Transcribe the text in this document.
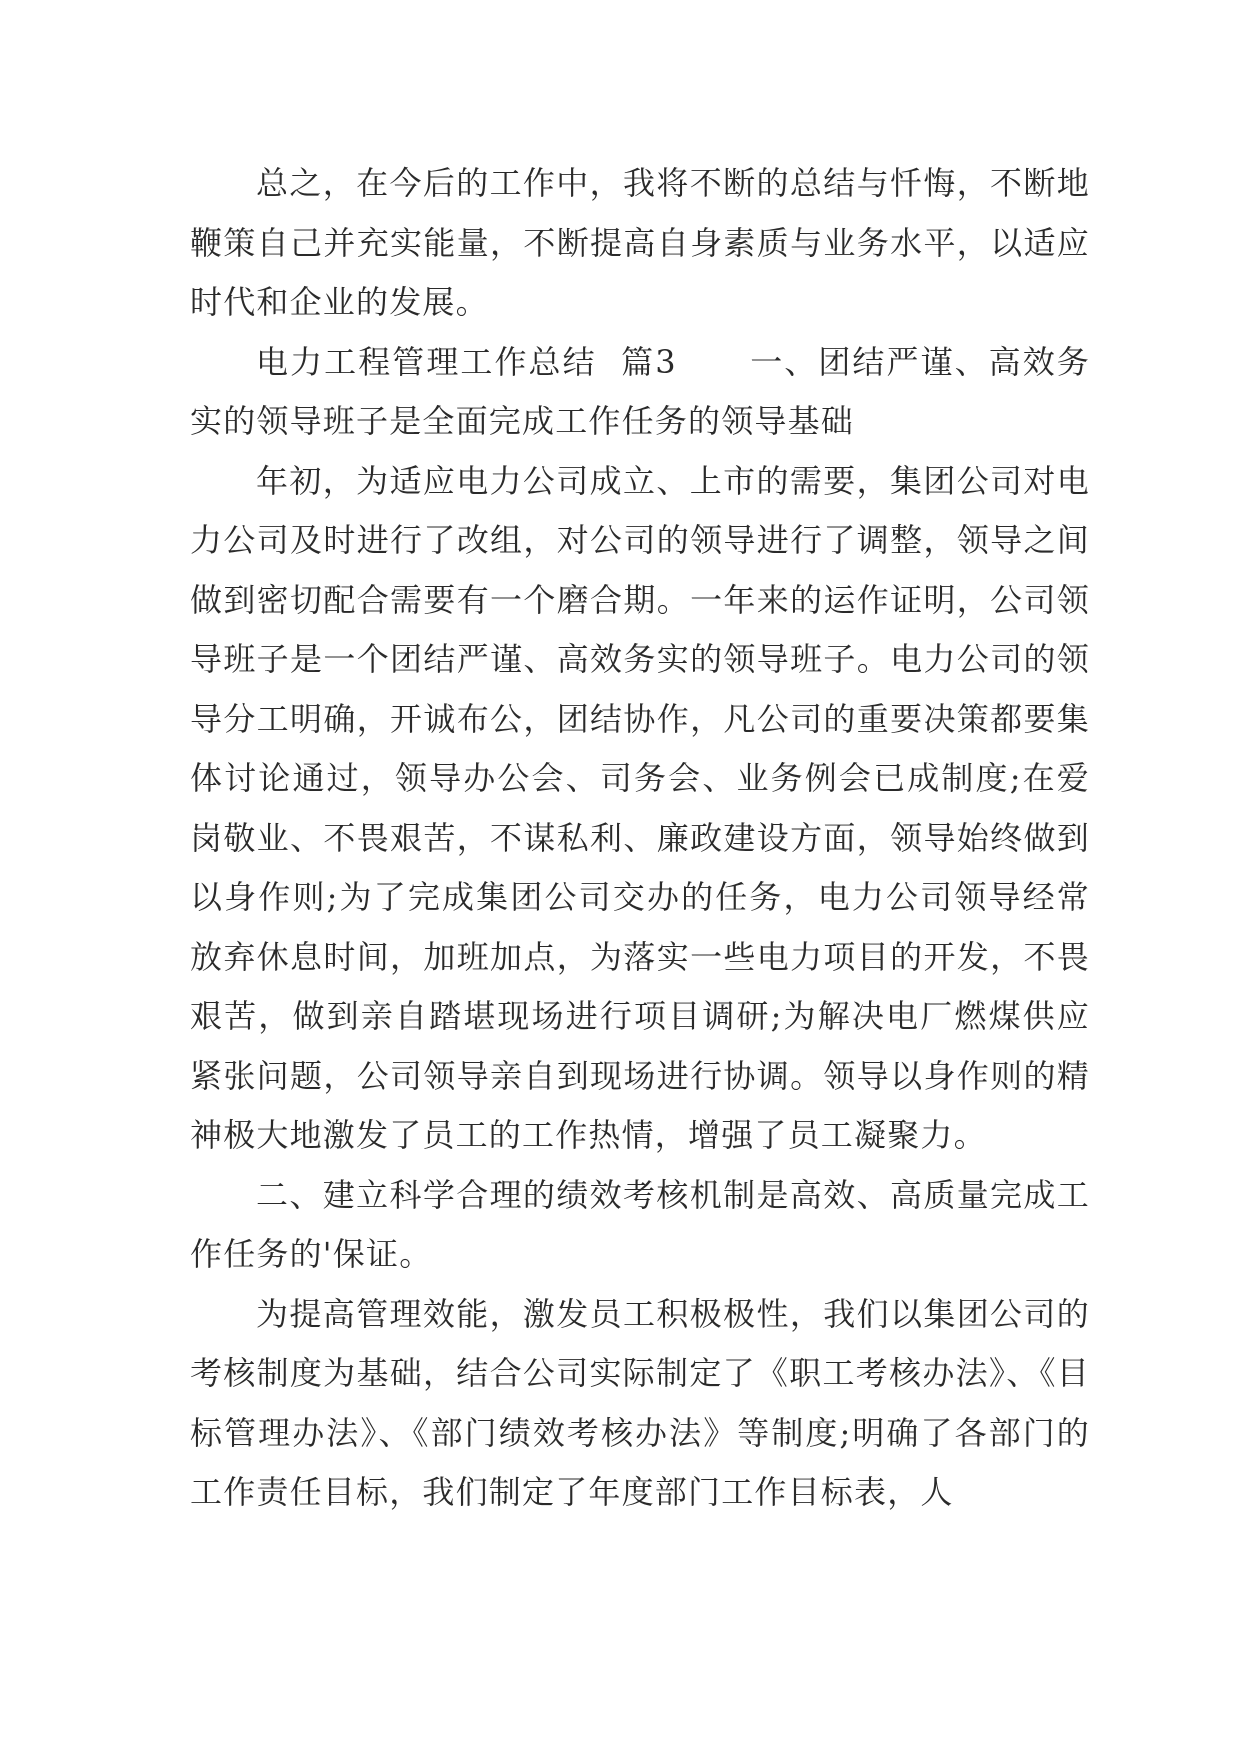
总之，在今后的工作中，我将不断的总结与忏悔，不断地鞭策自己并充实能量，不断提高自身素质与业务水平，以适应时代和企业的发展。

电力工程管理工作总结  篇3      一、团结严谨、高效务实的领导班子是全面完成工作任务的领导基础

年初，为适应电力公司成立、上市的需要，集团公司对电力公司及时进行了改组，对公司的领导进行了调整，领导之间做到密切配合需要有一个磨合期。一年来的运作证明，公司领导班子是一个团结严谨、高效务实的领导班子。电力公司的领导分工明确，开诚布公，团结协作，凡公司的重要决策都要集体讨论通过，领导办公会、司务会、业务例会已成制度;在爱岗敬业、不畏艰苦，不谋私利、廉政建设方面，领导始终做到以身作则;为了完成集团公司交办的任务，电力公司领导经常放弃休息时间，加班加点，为落实一些电力项目的开发，不畏艰苦，做到亲自踏堪现场进行项目调研;为解决电厂燃煤供应紧张问题，公司领导亲自到现场进行协调。领导以身作则的精神极大地激发了员工的工作热情，增强了员工凝聚力。

二、建立科学合理的绩效考核机制是高效、高质量完成工作任务的'保证。

为提高管理效能，激发员工积极极性，我们以集团公司的考核制度为基础，结合公司实际制定了《职工考核办法》、《目标管理办法》、《部门绩效考核办法》等制度;明确了各部门的工作责任目标，我们制定了年度部门工作目标表，人
